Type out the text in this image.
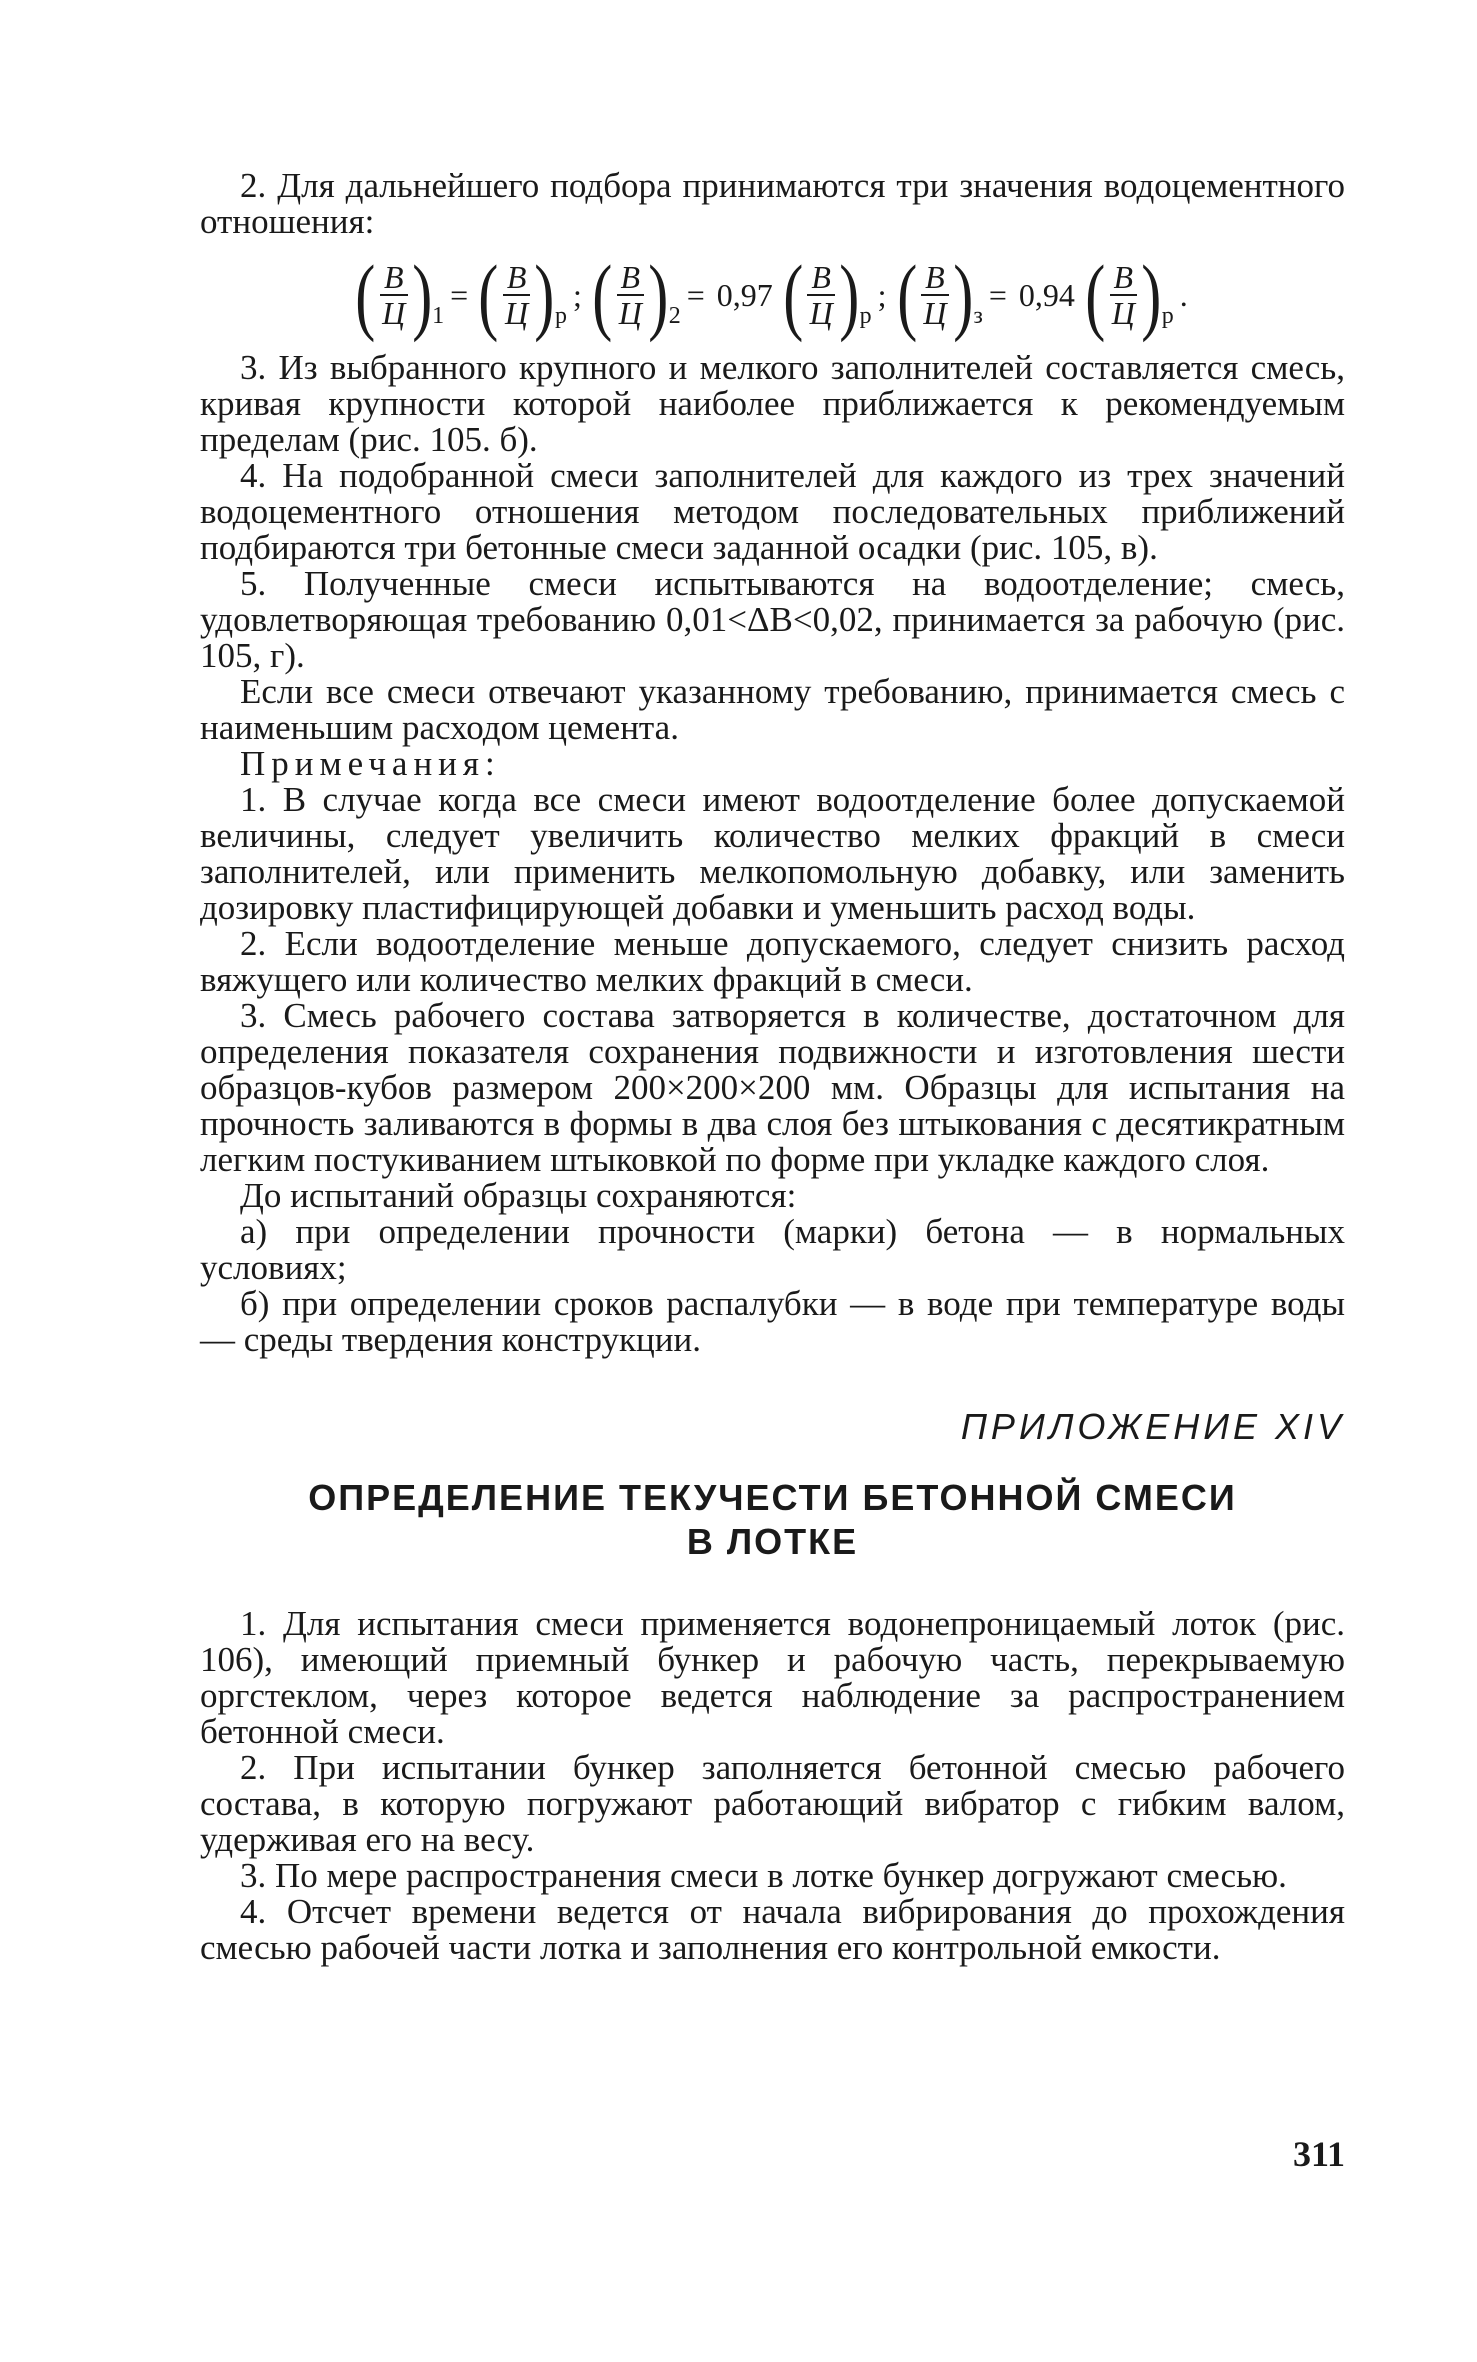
2. Для дальнейшего подбора принимаются три значения водоцементного отношения:

( $\frac{В}{Ц}$ ) 1
= ( $\frac{В}{Ц}$ ) р
; ( $\frac{В}{Ц}$ ) 2
= 0,97 ( $\frac{В}{Ц}$ ) р
; ( $\frac{В}{Ц}$ ) з
= 0,94 ( $\frac{В}{Ц}$ ) р
.

3. Из выбранного крупного и мелкого заполнителей составляется смесь, кривая крупности которой наиболее приближается к рекомендуемым пределам (рис. 105. б).

4. На подобранной смеси заполнителей для каждого из трех значений водоцементного отношения методом последовательных приближений подбираются три бетонные смеси заданной осадки (рис. 105, в).

5. Полученные смеси испытываются на водоотделение; смесь, удовлетворяющая требованию 0,01<ΔВ<0,02, принимается за рабочую (рис. 105, г).

Если все смеси отвечают указанному требованию, принимается смесь с наименьшим расходом цемента.

Примечания:

1. В случае когда все смеси имеют водоотделение более допускаемой величины, следует увеличить количество мелких фракций в смеси заполнителей, или применить мелкопомольную добавку, или заменить дозировку пластифицирующей добавки и уменьшить расход воды.

2. Если водоотделение меньше допускаемого, следует снизить расход вяжущего или количество мелких фракций в смеси.

3. Смесь рабочего состава затворяется в количестве, достаточном для определения показателя сохранения подвижности и изготовления шести образцов-кубов размером 200×200×200 мм. Образцы для испытания на прочность заливаются в формы в два слоя без штыкования с десятикратным легким постукиванием штыковкой по форме при укладке каждого слоя.

До испытаний образцы сохраняются:

а) при определении прочности (марки) бетона — в нормальных условиях;

б) при определении сроков распалубки — в воде при температуре воды — среды твердения конструкции.

ПРИЛОЖЕНИЕ XIV
ОПРЕДЕЛЕНИЕ ТЕКУЧЕСТИ БЕТОННОЙ СМЕСИ
В ЛОТКЕ

1. Для испытания смеси применяется водонепроницаемый лоток (рис. 106), имеющий приемный бункер и рабочую часть, перекрываемую оргстеклом, через которое ведется наблюдение за распространением бетонной смеси.

2. При испытании бункер заполняется бетонной смесью рабочего состава, в которую погружают работающий вибратор с гибким валом, удерживая его на весу.

3. По мере распространения смеси в лотке бункер догружают смесью.

4. Отсчет времени ведется от начала вибрирования до прохождения смесью рабочей части лотка и заполнения его контрольной емкости.

311
